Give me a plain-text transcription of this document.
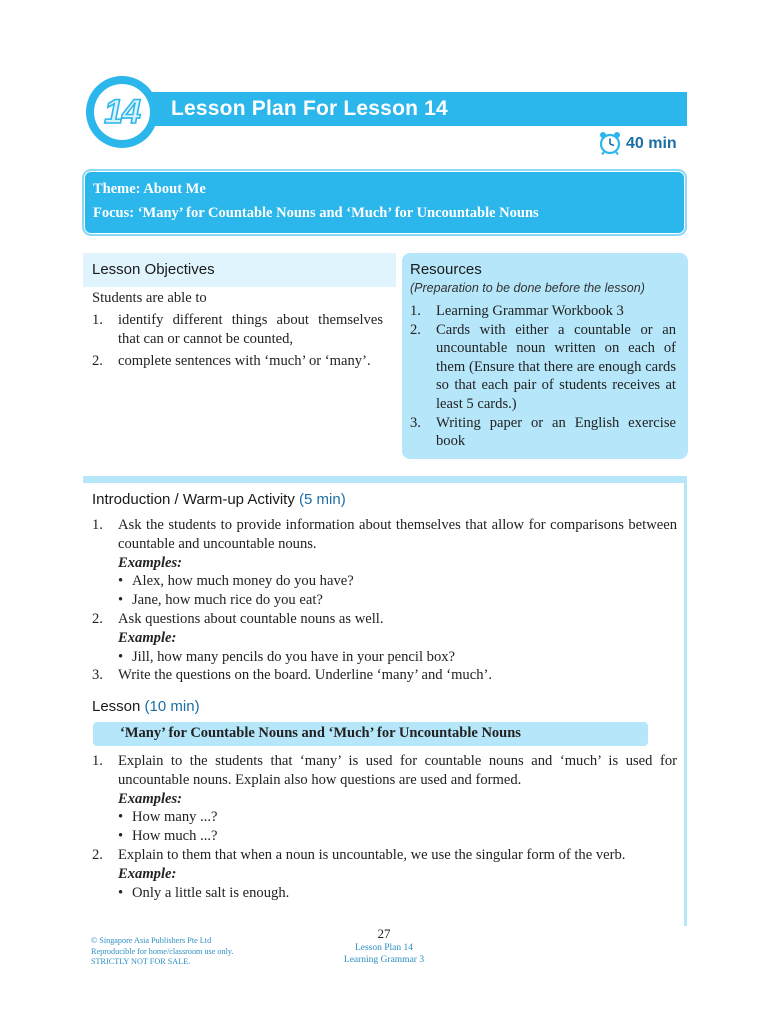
14	Lesson Plan For Lesson 14
40 min
Theme: About Me
Focus: ‘Many’ for Countable Nouns and ‘Much’ for Uncountable Nouns
Lesson Objectives
Students are able to
1.	identify different things about themselves that can or cannot be counted,
2.	complete sentences with ‘much’ or ‘many’.
Resources
(Preparation to be done before the lesson)
1.	Learning Grammar Workbook 3
2.	Cards with either a countable or an uncountable noun written on each of them (Ensure that there are enough cards so that each pair of students receives at least 5 cards.)
3.	Writing paper or an English exercise book
Introduction / Warm-up Activity (5 min)
1.	Ask the students to provide information about themselves that allow for comparisons between countable and uncountable nouns.
Examples:
• Alex, how much money do you have?
• Jane, how much rice do you eat?
2.	Ask questions about countable nouns as well.
Example:
• Jill, how many pencils do you have in your pencil box?
3.	Write the questions on the board. Underline ‘many’ and ‘much’.
Lesson (10 min)
‘Many’ for Countable Nouns and ‘Much’ for Uncountable Nouns
1.	Explain to the students that ‘many’ is used for countable nouns and ‘much’ is used for uncountable nouns. Explain also how questions are used and formed.
Examples:
• How many ...?
• How much ...?
2.	Explain to them that when a noun is uncountable, we use the singular form of the verb.
Example:
• Only a little salt is enough.
© Singapore Asia Publishers Pte Ltd
Reproducible for home/classroom use only.
STRICTLY NOT FOR SALE.
27
Lesson Plan 14
Learning Grammar 3
